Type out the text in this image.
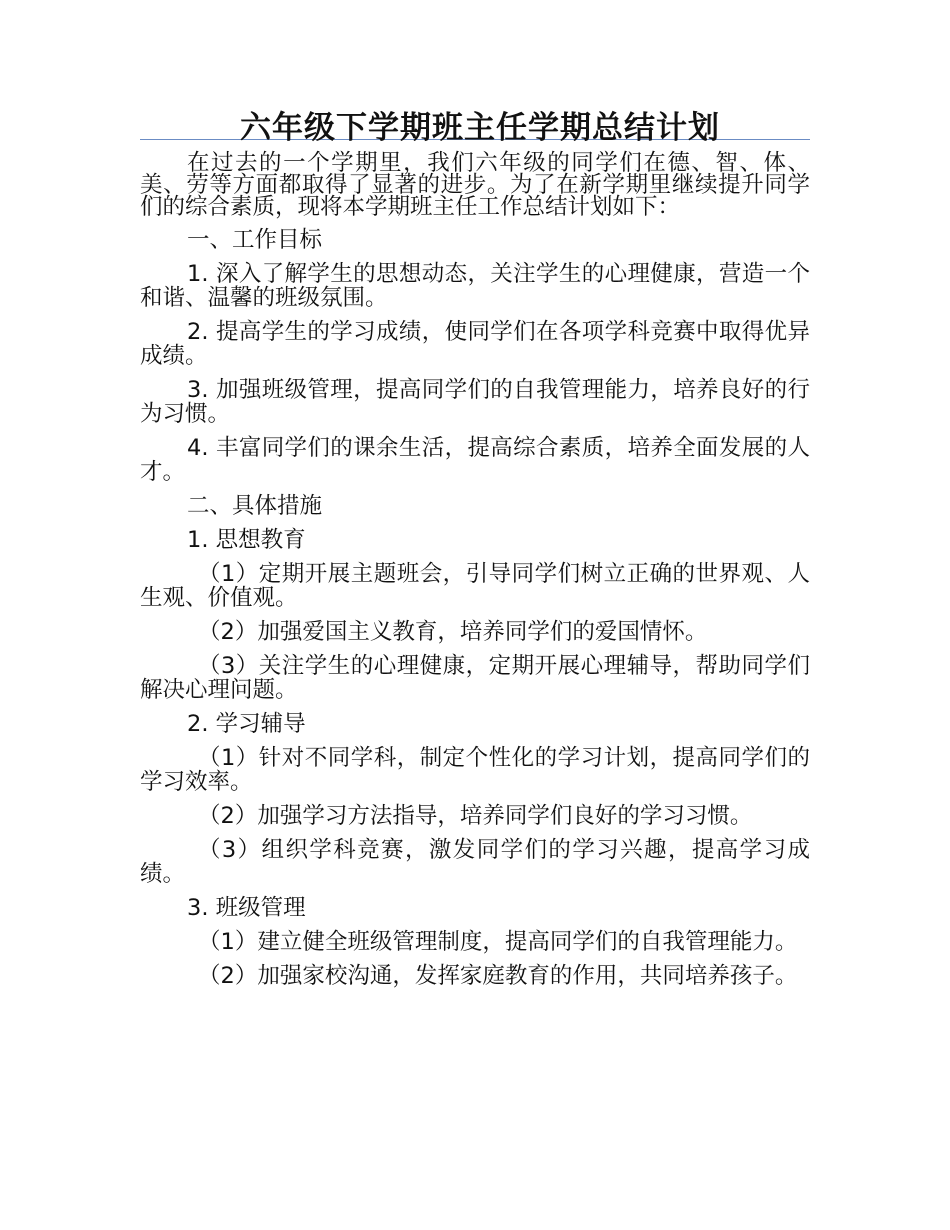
六年级下学期班主任学期总结计划

在过去的一个学期里，我们六年级的同学们在德、智、体、美、劳等方面都取得了显著的进步。为了在新学期里继续提升同学们的综合素质，现将本学期班主任工作总结计划如下：

一、工作目标

1. 深入了解学生的思想动态，关注学生的心理健康，营造一个和谐、温馨的班级氛围。

2. 提高学生的学习成绩，使同学们在各项学科竞赛中取得优异成绩。

3. 加强班级管理，提高同学们的自我管理能力，培养良好的行为习惯。

4. 丰富同学们的课余生活，提高综合素质，培养全面发展的人才。

二、具体措施

1. 思想教育

（1）定期开展主题班会，引导同学们树立正确的世界观、人生观、价值观。

（2）加强爱国主义教育，培养同学们的爱国情怀。

（3）关注学生的心理健康，定期开展心理辅导，帮助同学们解决心理问题。

2. 学习辅导

（1）针对不同学科，制定个性化的学习计划，提高同学们的学习效率。

（2）加强学习方法指导，培养同学们良好的学习习惯。

（3）组织学科竞赛，激发同学们的学习兴趣，提高学习成绩。

3. 班级管理

（1）建立健全班级管理制度，提高同学们的自我管理能力。

（2）加强家校沟通，发挥家庭教育的作用，共同培养孩子。
